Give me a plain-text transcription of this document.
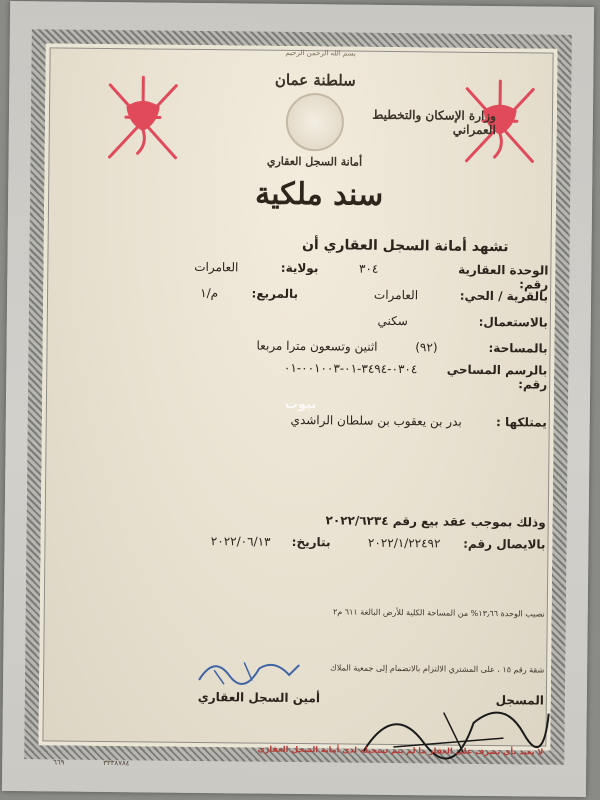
بسم الله الرحمن الرحيم
سلطنة عمان
وزارة الإسكان والتخطيط العمراني
أمانة السجل العقاري
سند ملكية
تشهد أمانة السجل العقاري أن
الوحدة العقارية رقم:
٣٠٤
بولاية:
العامرات
بالقرية / الحي:
العامرات
بالمربع:
م/١
بالاستعمال:
سكني
بالمساحة:
(٩٢)
اثنين وتسعون مترا مربعا
بالرسم المساحي رقم:
٠٣٠٤-٣٤٩٤-٠١-٠٠١٠٠٣-٠١
يمتلكها :
بدر بن يعقوب بن سلطان الراشدي
بيوت
وذلك بموجب عقد بيع رقم ٢٠٢٢/٦٢٣٤
بالايصال رقم:
٢٠٢٢/١/٢٢٤٩٢
بتاريخ:
٢٠٢٢/٠٦/١٣
نصيب الوحدة ١٣٫٦٦% من المساحة الكلية للأرض البالغة ٦١١ م٢
شقة رقم ١٥ ، على المشتري الالتزام بالانضمام إلى جمعية الملاك
أمين السجل العقاري	المسجل
لا يعتد بأي تصرف على العقار ما لم يتم تسجيله لدى أمانة السجل العقاري
٦٦٩	٣٣٣٨٧٨٤
